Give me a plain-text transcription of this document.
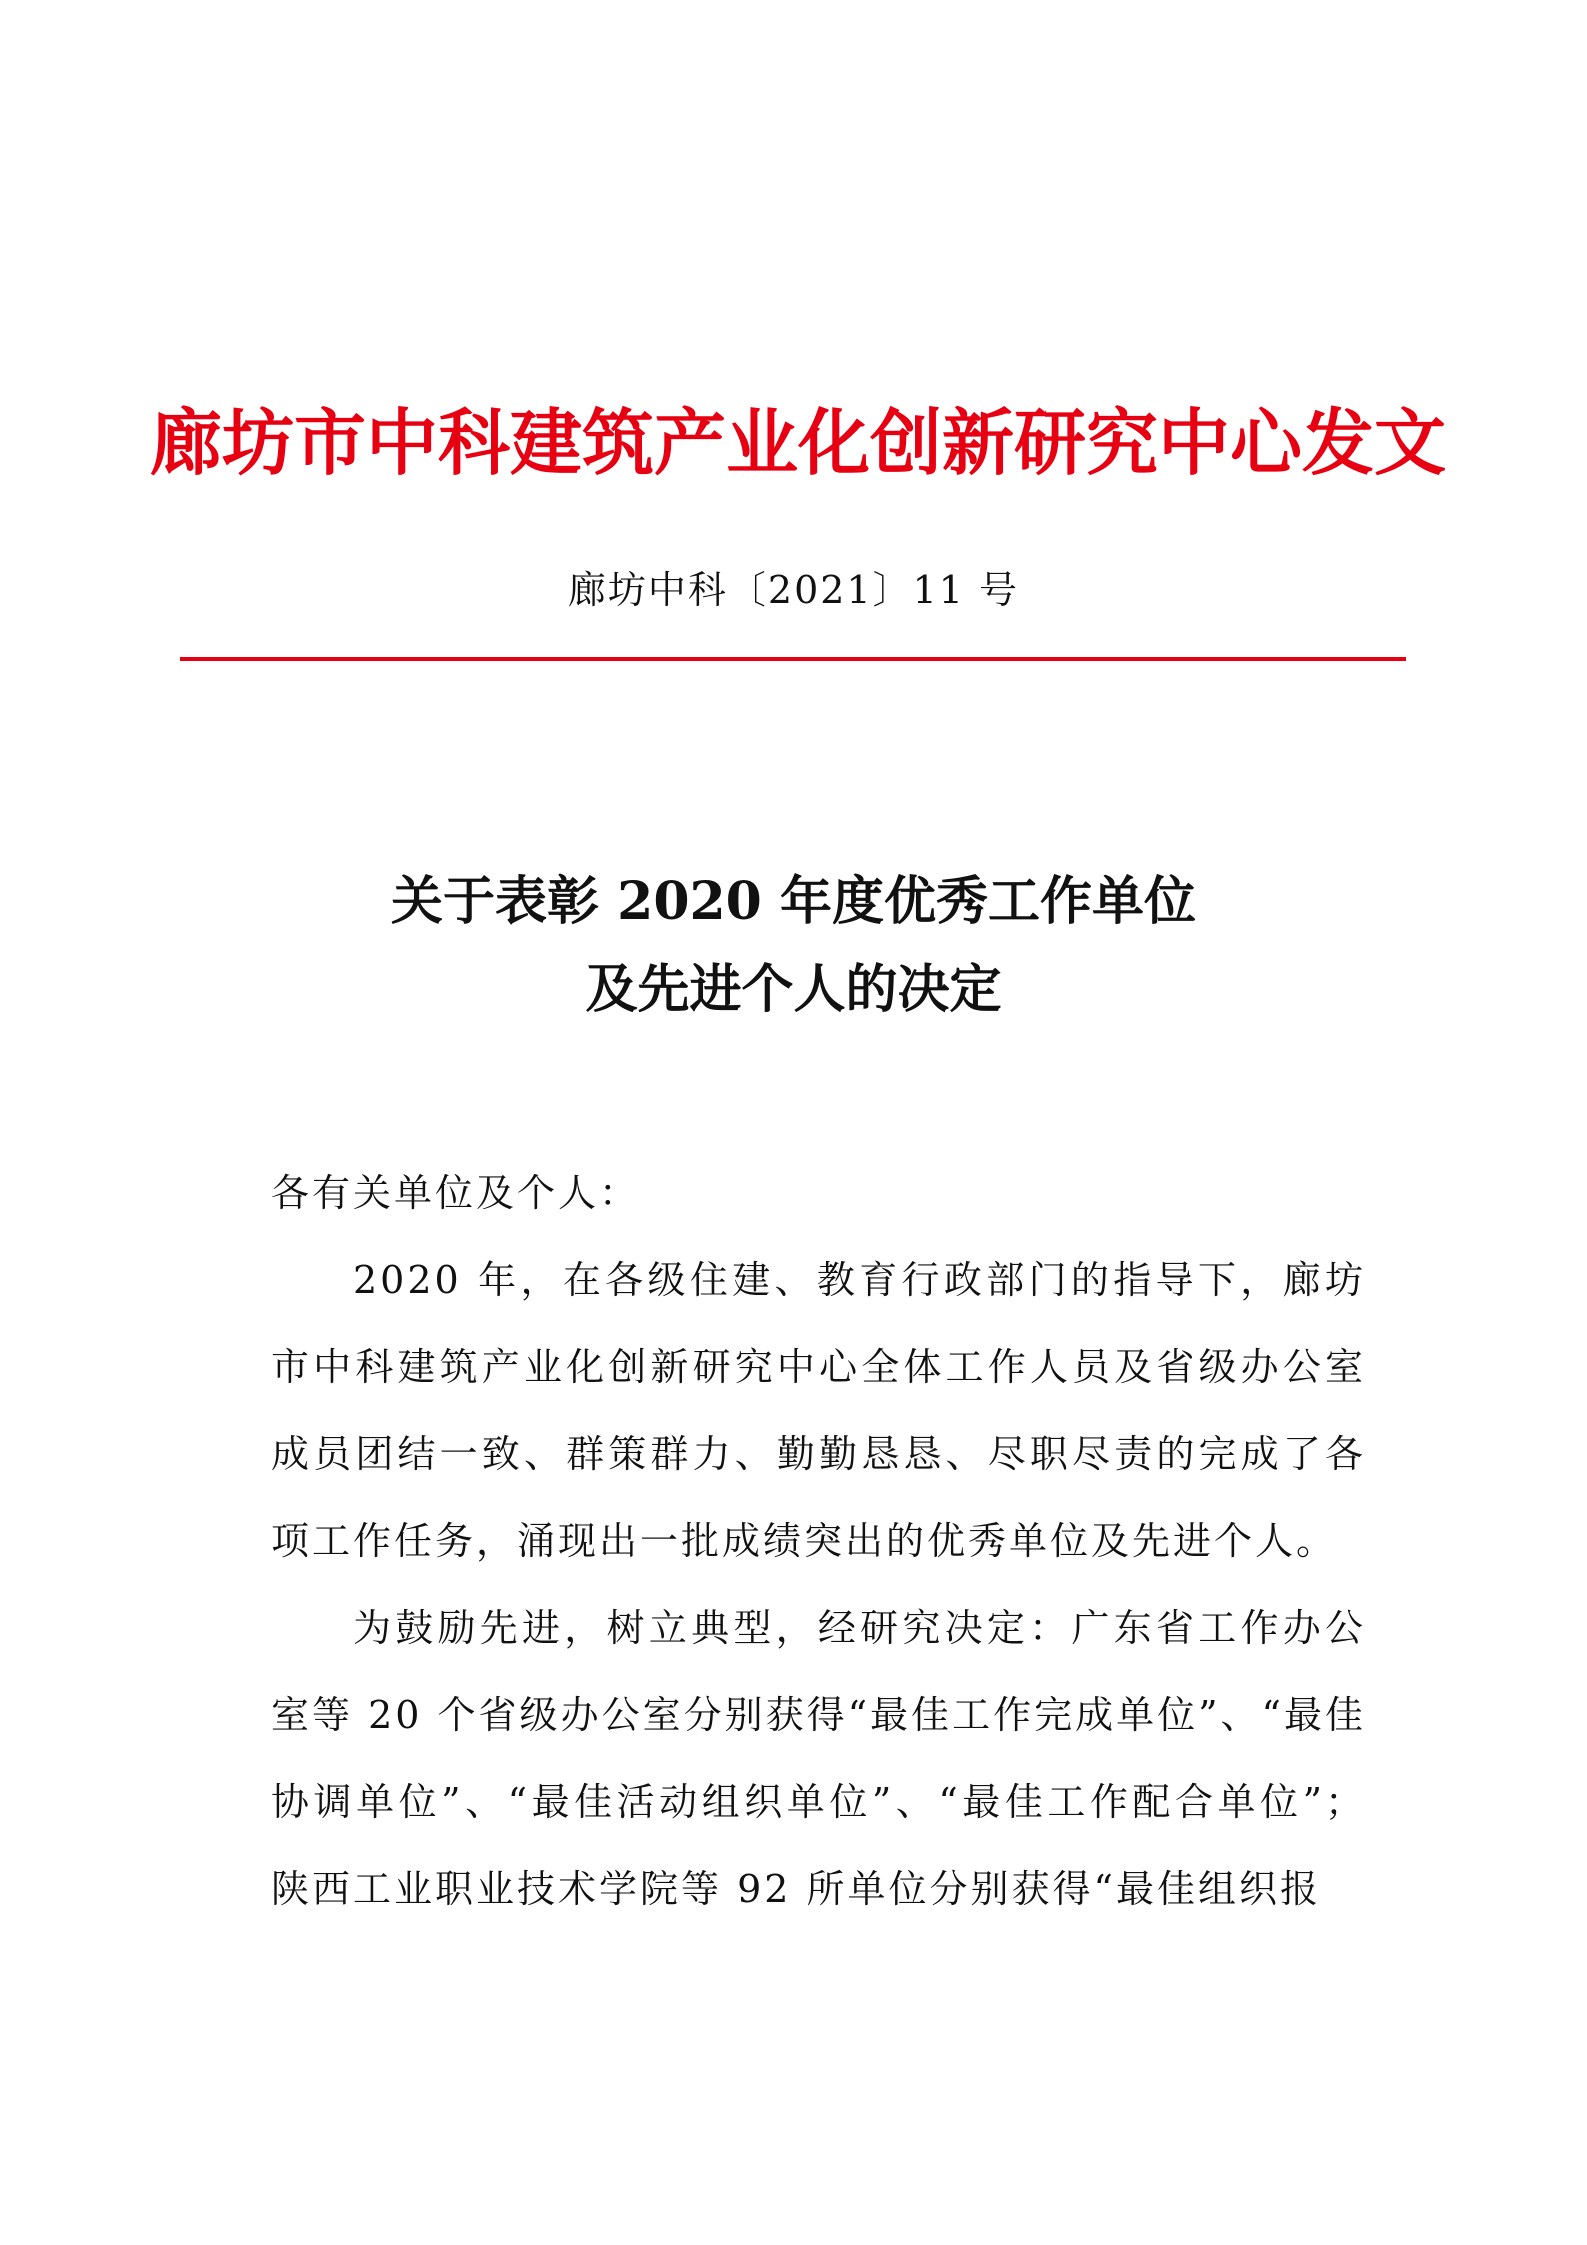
廊坊市中科建筑产业化创新研究中心发文
廊坊中科〔2021〕11 号
关于表彰 2020 年度优秀工作单位
及先进个人的决定

各有关单位及个人：

2020 年，在各级住建、教育行政部门的指导下，廊坊市中科建筑产业化创新研究中心全体工作人员及省级办公室成员团结一致、群策群力、勤勤恳恳、尽职尽责的完成了各项工作任务，涌现出一批成绩突出的优秀单位及先进个人。

为鼓励先进，树立典型，经研究决定：广东省工作办公室等 20 个省级办公室分别获得“最佳工作完成单位”、“最佳协调单位”、“最佳活动组织单位”、“最佳工作配合单位”；陕西工业职业技术学院等 92 所单位分别获得“最佳组织报
